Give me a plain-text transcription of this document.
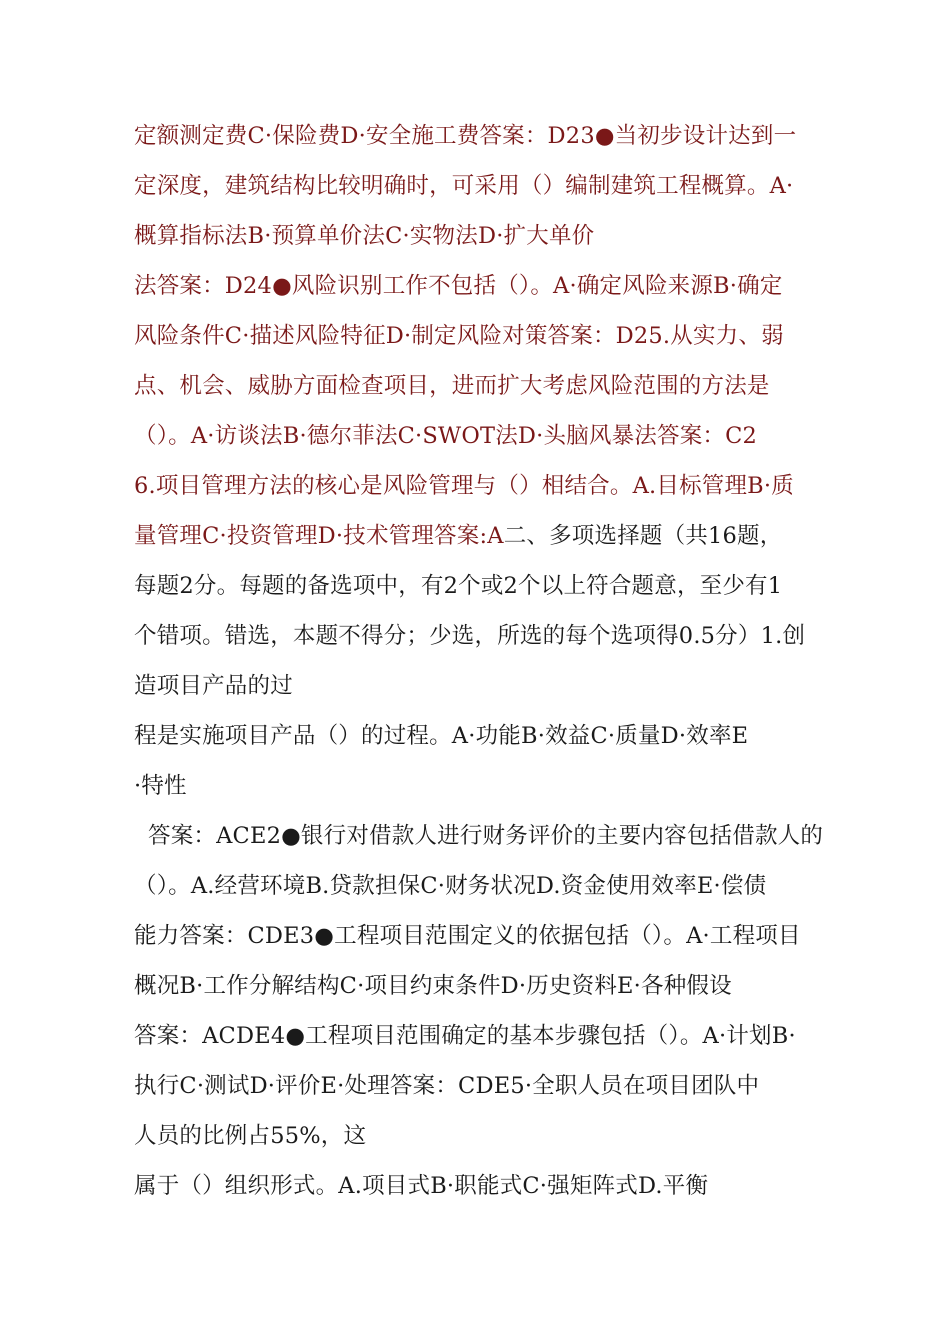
定额测定费C·保险费D·安全施工费答案：D23●当初步设计达到一
定深度，建筑结构比较明确时，可采用（）编制建筑工程概算。A·
概算指标法B·预算单价法C·实物法D·扩大单价
法答案：D24●风险识别工作不包括（）。A·确定风险来源B·确定
风险条件C·描述风险特征D·制定风险对策答案：D25.从实力、弱
点、机会、威胁方面检查项目，进而扩大考虑风险范围的方法是
（）。A·访谈法B·德尔菲法C·SWOT法D·头脑风暴法答案：C2
6.项目管理方法的核心是风险管理与（）相结合。A.目标管理B·质
量管理C·投资管理D·技术管理答案:A二、多项选择题（共16题，
每题2分。每题的备选项中，有2个或2个以上符合题意，至少有1
个错项。错选，本题不得分；少选，所选的每个选项得0.5分）1.创
造项目产品的过
程是实施项目产品（）的过程。A·功能B·效益C·质量D·效率E
·特性
答案：ACE2●银行对借款人进行财务评价的主要内容包括借款人的
（）。A.经营环境B.贷款担保C·财务状况D.资金使用效率E·偿债
能力答案：CDE3●工程项目范围定义的依据包括（）。A·工程项目
概况B·工作分解结构C·项目约束条件D·历史资料E·各种假设
答案：ACDE4●工程项目范围确定的基本步骤包括（）。A·计划B·
执行C·测试D·评价E·处理答案：CDE5·全职人员在项目团队中
人员的比例占55%，这
属于（）组织形式。A.项目式B·职能式C·强矩阵式D.平衡
